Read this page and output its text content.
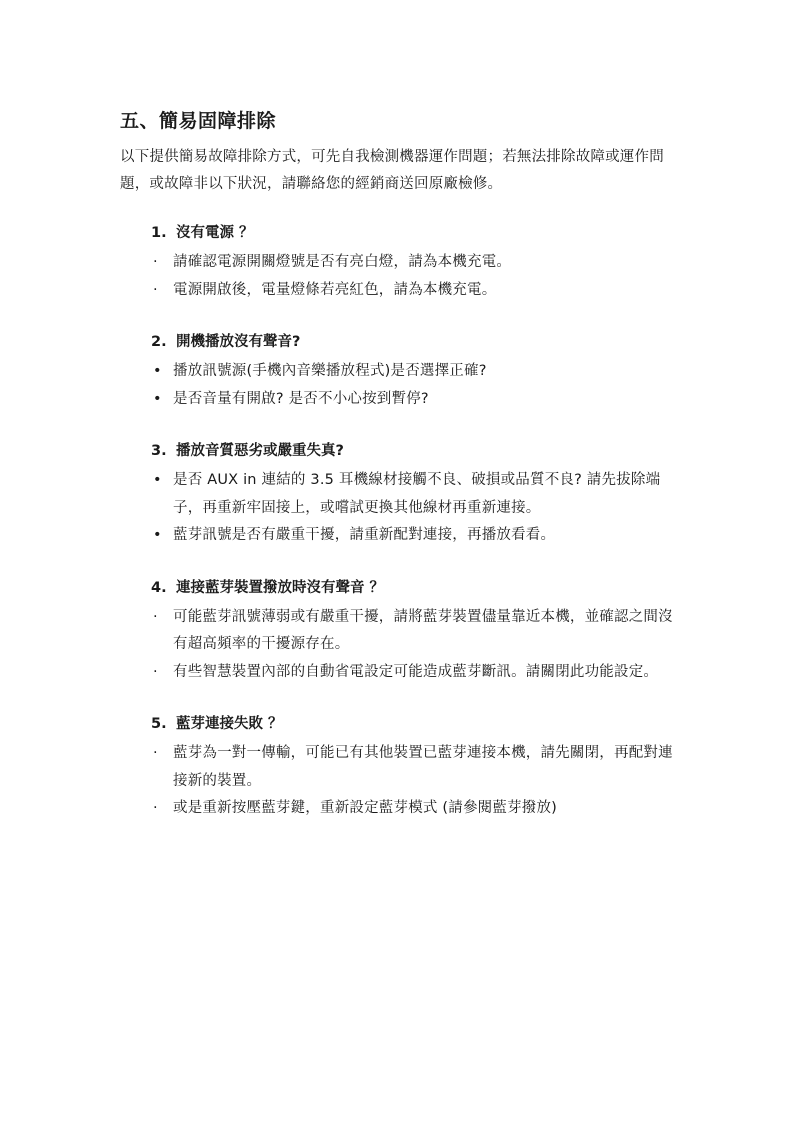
五、簡易固障排除

以下提供簡易故障排除方式，可先自我檢測機器運作問題；若無法排除故障或運作問題，或故障非以下狀況，請聯絡您的經銷商送回原廠檢修。

1. 沒有電源 ？
·	請確認電源開關燈號是否有亮白燈，請為本機充電。
·	電源開啟後，電量燈條若亮紅色，請為本機充電。
2. 開機播放沒有聲音?
• 播放訊號源(手機內音樂播放程式)是否選擇正確?
• 是否音量有開啟? 是否不小心按到暫停?
3. 播放音質惡劣或嚴重失真?
• 是否 AUX in 連結的 3.5 耳機線材接觸不良、破損或品質不良? 請先拔除端子，再重新牢固接上，或嚐試更換其他線材再重新連接。
• 藍芽訊號是否有嚴重干擾，請重新配對連接，再播放看看。
4. 連接藍芽裝置撥放時沒有聲音 ？
·	可能藍芽訊號薄弱或有嚴重干擾，請將藍芽裝置儘量靠近本機，並確認之間沒有超高頻率的干擾源存在。
·	有些智慧裝置內部的自動省電設定可能造成藍芽斷訊。請關閉此功能設定。
5. 藍芽連接失敗 ？
·	藍芽為一對一傳輸，可能已有其他裝置已藍芽連接本機，請先關閉，再配對連接新的裝置。
·	或是重新按壓藍芽鍵，重新設定藍芽模式 (請參閱藍芽撥放)
